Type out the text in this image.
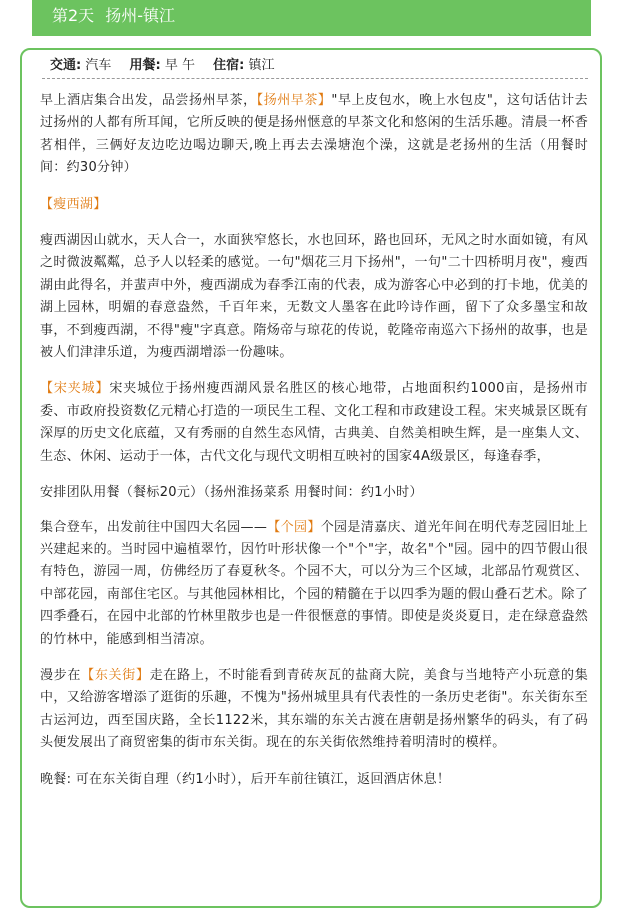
第2天 扬州-镇江
交通: 汽车 用餐: 早 午 住宿: 镇江

早上酒店集合出发，品尝扬州早茶，【扬州早茶】"早上皮包水，晚上水包皮"，这句话估计去过扬州的人都有所耳闻，它所反映的便是扬州惬意的早茶文化和悠闲的生活乐趣。清晨一杯香茗相伴，三俩好友边吃边喝边聊天,晚上再去去澡塘泡个澡，这就是老扬州的生活（用餐时间：约30分钟）

【瘦西湖】

瘦西湖因山就水，天人合一，水面狭窄悠长，水也回环，路也回环，无风之时水面如镜，有风之时微波粼粼，总予人以轻柔的感觉。一句"烟花三月下扬州"，一句"二十四桥明月夜"，瘦西湖由此得名，并蜚声中外，瘦西湖成为春季江南的代表，成为游客心中必到的打卡地，优美的湖上园林，明媚的春意盎然，千百年来，无数文人墨客在此吟诗作画，留下了众多墨宝和故事，不到瘦西湖，不得"瘦"字真意。隋炀帝与琼花的传说，乾隆帝南巡六下扬州的故事，也是被人们津津乐道，为瘦西湖增添一份趣味。

【宋夹城】宋夹城位于扬州瘦西湖风景名胜区的核心地带，占地面积约1000亩，是扬州市委、市政府投资数亿元精心打造的一项民生工程、文化工程和市政建设工程。宋夹城景区既有深厚的历史文化底蕴，又有秀丽的自然生态风情，古典美、自然美相映生辉，是一座集人文、生态、休闲、运动于一体，古代文化与现代文明相互映衬的国家4A级景区，每逢春季，

安排团队用餐（餐标20元）（扬州淮扬菜系 用餐时间：约1小时）

集合登车，出发前往中国四大名园——【个园】个园是清嘉庆、道光年间在明代寿芝园旧址上兴建起来的。当时园中遍植翠竹，因竹叶形状像一个"个"字，故名"个"园。园中的四节假山很有特色，游园一周，仿佛经历了春夏秋冬。个园不大，可以分为三个区域，北部品竹观赏区、中部花园，南部住宅区。与其他园林相比，个园的精髓在于以四季为题的假山叠石艺术。除了四季叠石，在园中北部的竹林里散步也是一件很惬意的事情。即使是炎炎夏日，走在绿意盎然的竹林中，能感到相当清凉。

漫步在【东关街】走在路上，不时能看到青砖灰瓦的盐商大院，美食与当地特产小玩意的集中，又给游客增添了逛街的乐趣，不愧为"扬州城里具有代表性的一条历史老街"。东关街东至古运河边，西至国庆路，全长1122米，其东端的东关古渡在唐朝是扬州繁华的码头，有了码头便发展出了商贸密集的街市东关街。现在的东关街依然维持着明清时的模样。

晚餐: 可在东关街自理（约1小时），后开车前往镇江，返回酒店休息！
